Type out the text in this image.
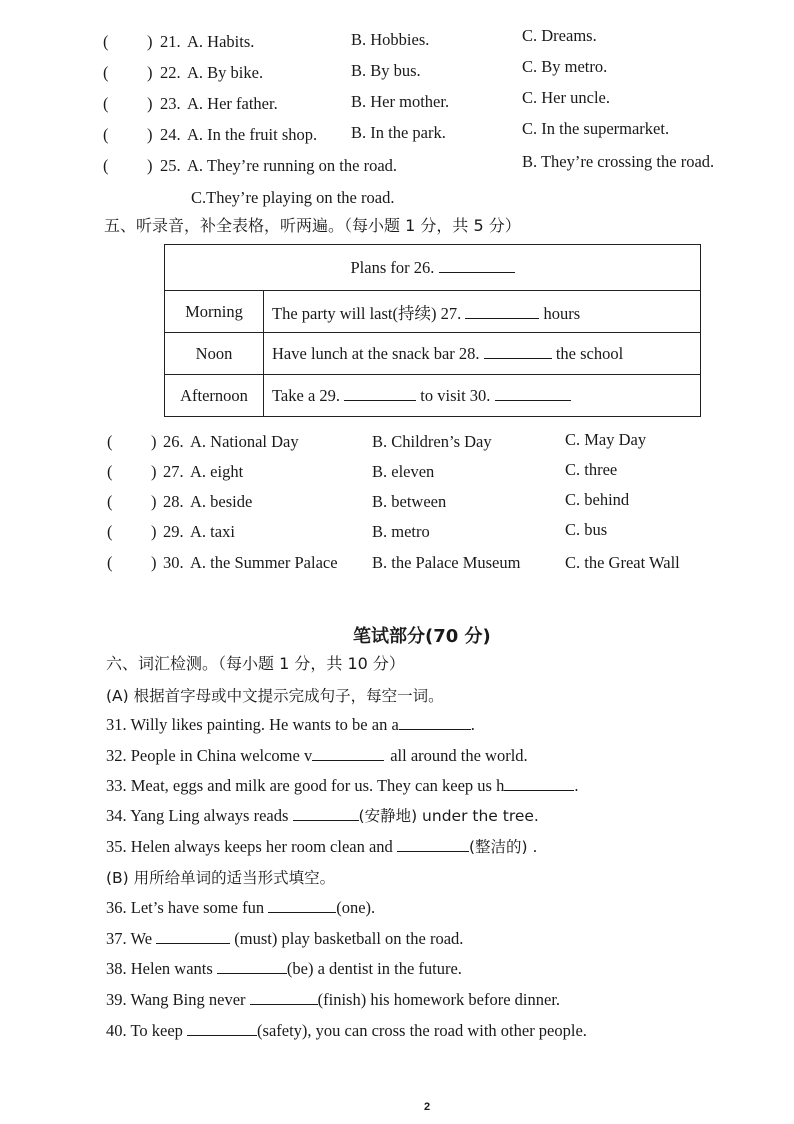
( ) 21. A. Habits.	B. Hobbies.	C. Dreams.
( ) 22. A. By bike.	B. By bus.	C. By metro.
( ) 23. A. Her father.	B. Her mother.	C. Her uncle.
( ) 24. A. In the fruit shop. B. In the park.	C. In the supermarket.
( ) 25. A. They’re running on the road.	B. They’re crossing the road.
C.They’re playing on the road.
五、听录音，补全表格，听两遍。（每小题 1 分，共 5 分）
Plans for 26.	
Morning	The party will last(持续) 27. hours
Noon	Have lunch at the snack bar 28. the school
Afternoon	Take a 29. to visit 30.
( ) 26. A. National Day	B. Children’s Day	C. May Day
( ) 27. A. eight	B. eleven	C. three
( ) 28. A. beside	B. between	C. behind
( ) 29. A. taxi	B. metro	C. bus
( ) 30. A. the Summer Palace B. the Palace Museum	C. the Great Wall
笔试部分(70 分)
六、词汇检测。（每小题 1 分，共 10 分）
(A) 根据首字母或中文提示完成句子，每空一词。
31. Willy likes painting. He wants to be an a	.
32. People in China welcome v	all around the world.
33. Meat, eggs and milk are good for us. They can keep us h	.
34. Yang Ling always reads	(安静地) under the tree.
35. Helen always keeps her room clean and	(整洁的) .
(B) 用所给单词的适当形式填空。
36. Let’s have some fun	(one).
37. We	(must) play basketball on the road.
38. Helen wants	(be) a dentist in the future.
39. Wang Bing never	(finish) his homework before dinner.
40. To keep	(safety), you can cross the road with other people.
2
